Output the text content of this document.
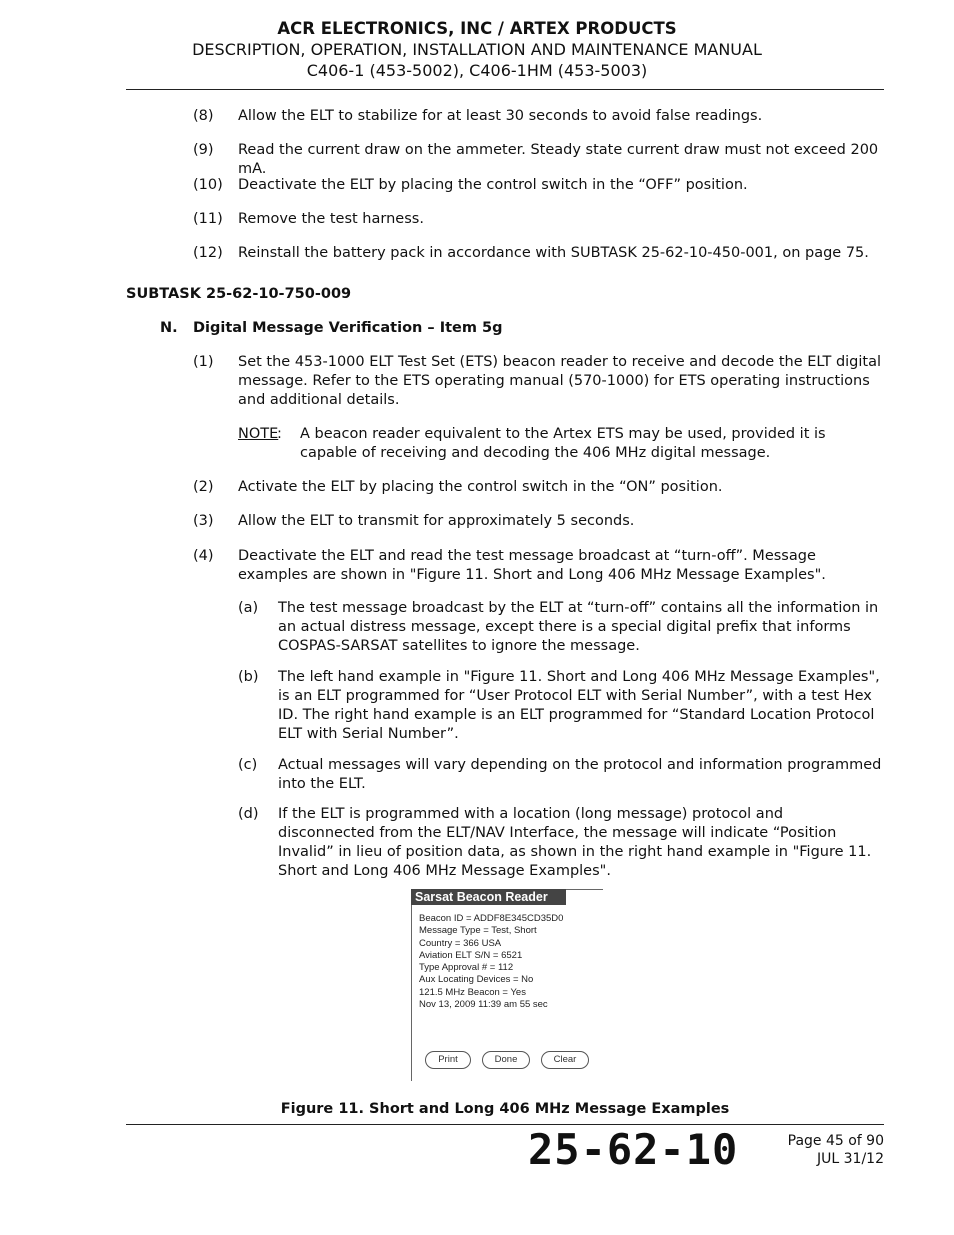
ACR ELECTRONICS, INC / ARTEX PRODUCTS
DESCRIPTION, OPERATION, INSTALLATION AND MAINTENANCE MANUAL
C406-1 (453-5002), C406-1HM (453-5003)
(8) Allow the ELT to stabilize for at least 30 seconds to avoid false readings.
(9) Read the current draw on the ammeter. Steady state current draw must not exceed 200 mA.
(10) Deactivate the ELT by placing the control switch in the “OFF” position.
(11) Remove the test harness.
(12) Reinstall the battery pack in accordance with SUBTASK 25-62-10-450-001, on page 75.
SUBTASK 25-62-10-750-009
N. Digital Message Verification – Item 5g
(1) Set the 453-1000 ELT Test Set (ETS) beacon reader to receive and decode the ELT digital message. Refer to the ETS operating manual (570-1000) for ETS operating instructions and additional details.
NOTE
: A beacon reader equivalent to the Artex ETS may be used, provided it is capable of receiving and decoding the 406 MHz digital message.
(2) Activate the ELT by placing the control switch in the “ON” position.
(3) Allow the ELT to transmit for approximately 5 seconds.
(4) Deactivate the ELT and read the test message broadcast at “turn-off”. Message examples are shown in "Figure 11. Short and Long 406 MHz Message Examples".
(a) The test message broadcast by the ELT at “turn-off” contains all the information in an actual distress message, except there is a special digital prefix that informs COSPAS-SARSAT satellites to ignore the message.
(b) The left hand example in "Figure 11. Short and Long 406 MHz Message Examples", is an ELT programmed for “User Protocol ELT with Serial Number”, with a test Hex ID. The right hand example is an ELT programmed for “Standard Location Protocol ELT with Serial Number”.
(c) Actual messages will vary depending on the protocol and information programmed into the ELT.
(d) If the ELT is programmed with a location (long message) protocol and disconnected from the ELT/NAV Interface, the message will indicate “Position Invalid” in lieu of position data, as shown in the right hand example in "Figure 11. Short and Long 406 MHz Message Examples".
Sarsat Beacon Reader
Beacon ID = ADDF8E345CD35D0
Message Type = Test, Short
Country = 366 USA
Aviation ELT S/N = 6521
Type Approval # = 112
Aux Locating Devices = No
121.5 MHz Beacon = Yes
Nov 13, 2009 11:39 am 55 sec
Print	Done	Clear
Figure 11. Short and Long 406 MHz Message Examples
25-62-10	Page 45 of 90
JUL 31/12
